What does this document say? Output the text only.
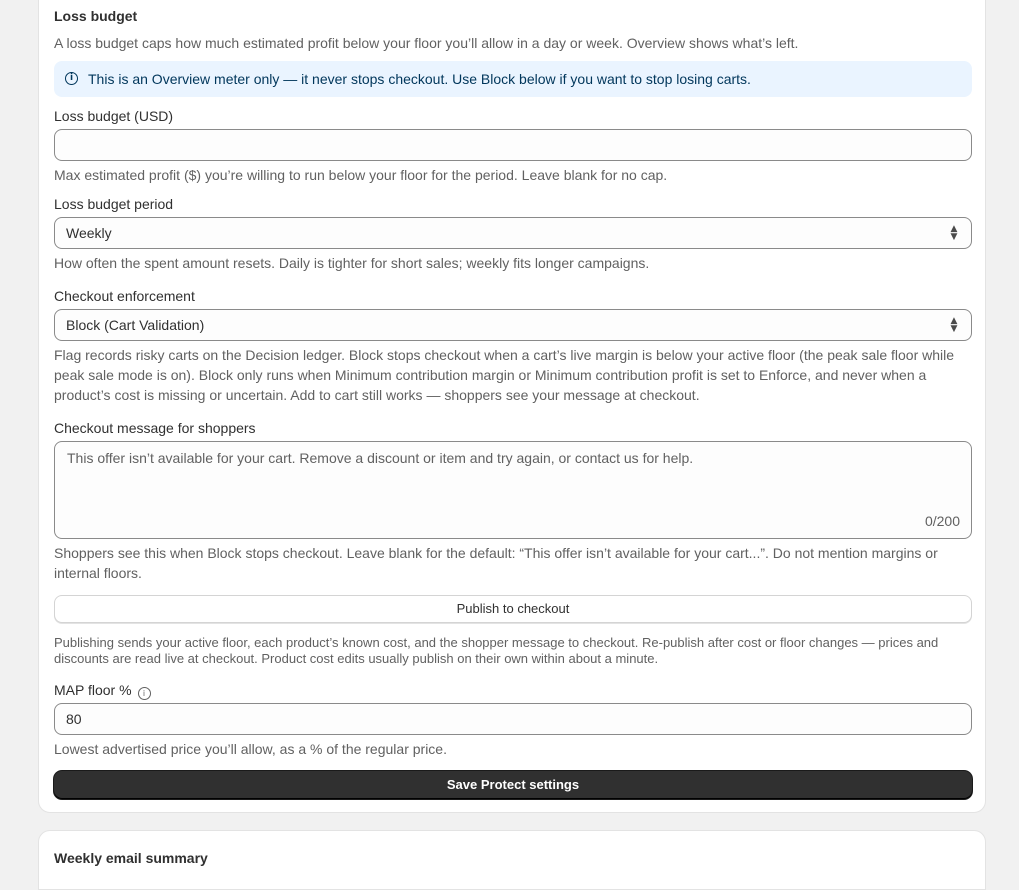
Loss budget
A loss budget caps how much estimated profit below your floor you’ll allow in a day or week. Overview shows what’s left.
i	This is an Overview meter only — it never stops checkout. Use Block below if you want to stop losing carts.
Loss budget (USD)
Max estimated profit ($) you’re willing to run below your floor for the period. Leave blank for no cap.
Loss budget period
Weekly	▲
▼
How often the spent amount resets. Daily is tighter for short sales; weekly fits longer campaigns.
Checkout enforcement
Block (Cart Validation)	▲
▼
Flag records risky carts on the Decision ledger. Block stops checkout when a cart’s live margin is below your active floor (the peak sale floor while peak sale mode is on). Block only runs when Minimum contribution margin or Minimum contribution profit is set to Enforce, and never when a product’s cost is missing or uncertain. Add to cart still works — shoppers see your message at checkout.
Checkout message for shoppers
This offer isn’t available for your cart. Remove a discount or item and try again, or contact us for help.
0/200
Shoppers see this when Block stops checkout. Leave blank for the default: “This offer isn’t available for your cart...”. Do not mention margins or internal floors.
Publish to checkout
Publishing sends your active floor, each product’s known cost, and the shopper message to checkout. Re-publish after cost or floor changes — prices and discounts are read live at checkout. Product cost edits usually publish on their own within about a minute.
MAP floor % i
80
Lowest advertised price you’ll allow, as a % of the regular price.
Save Protect settings
Weekly email summary
